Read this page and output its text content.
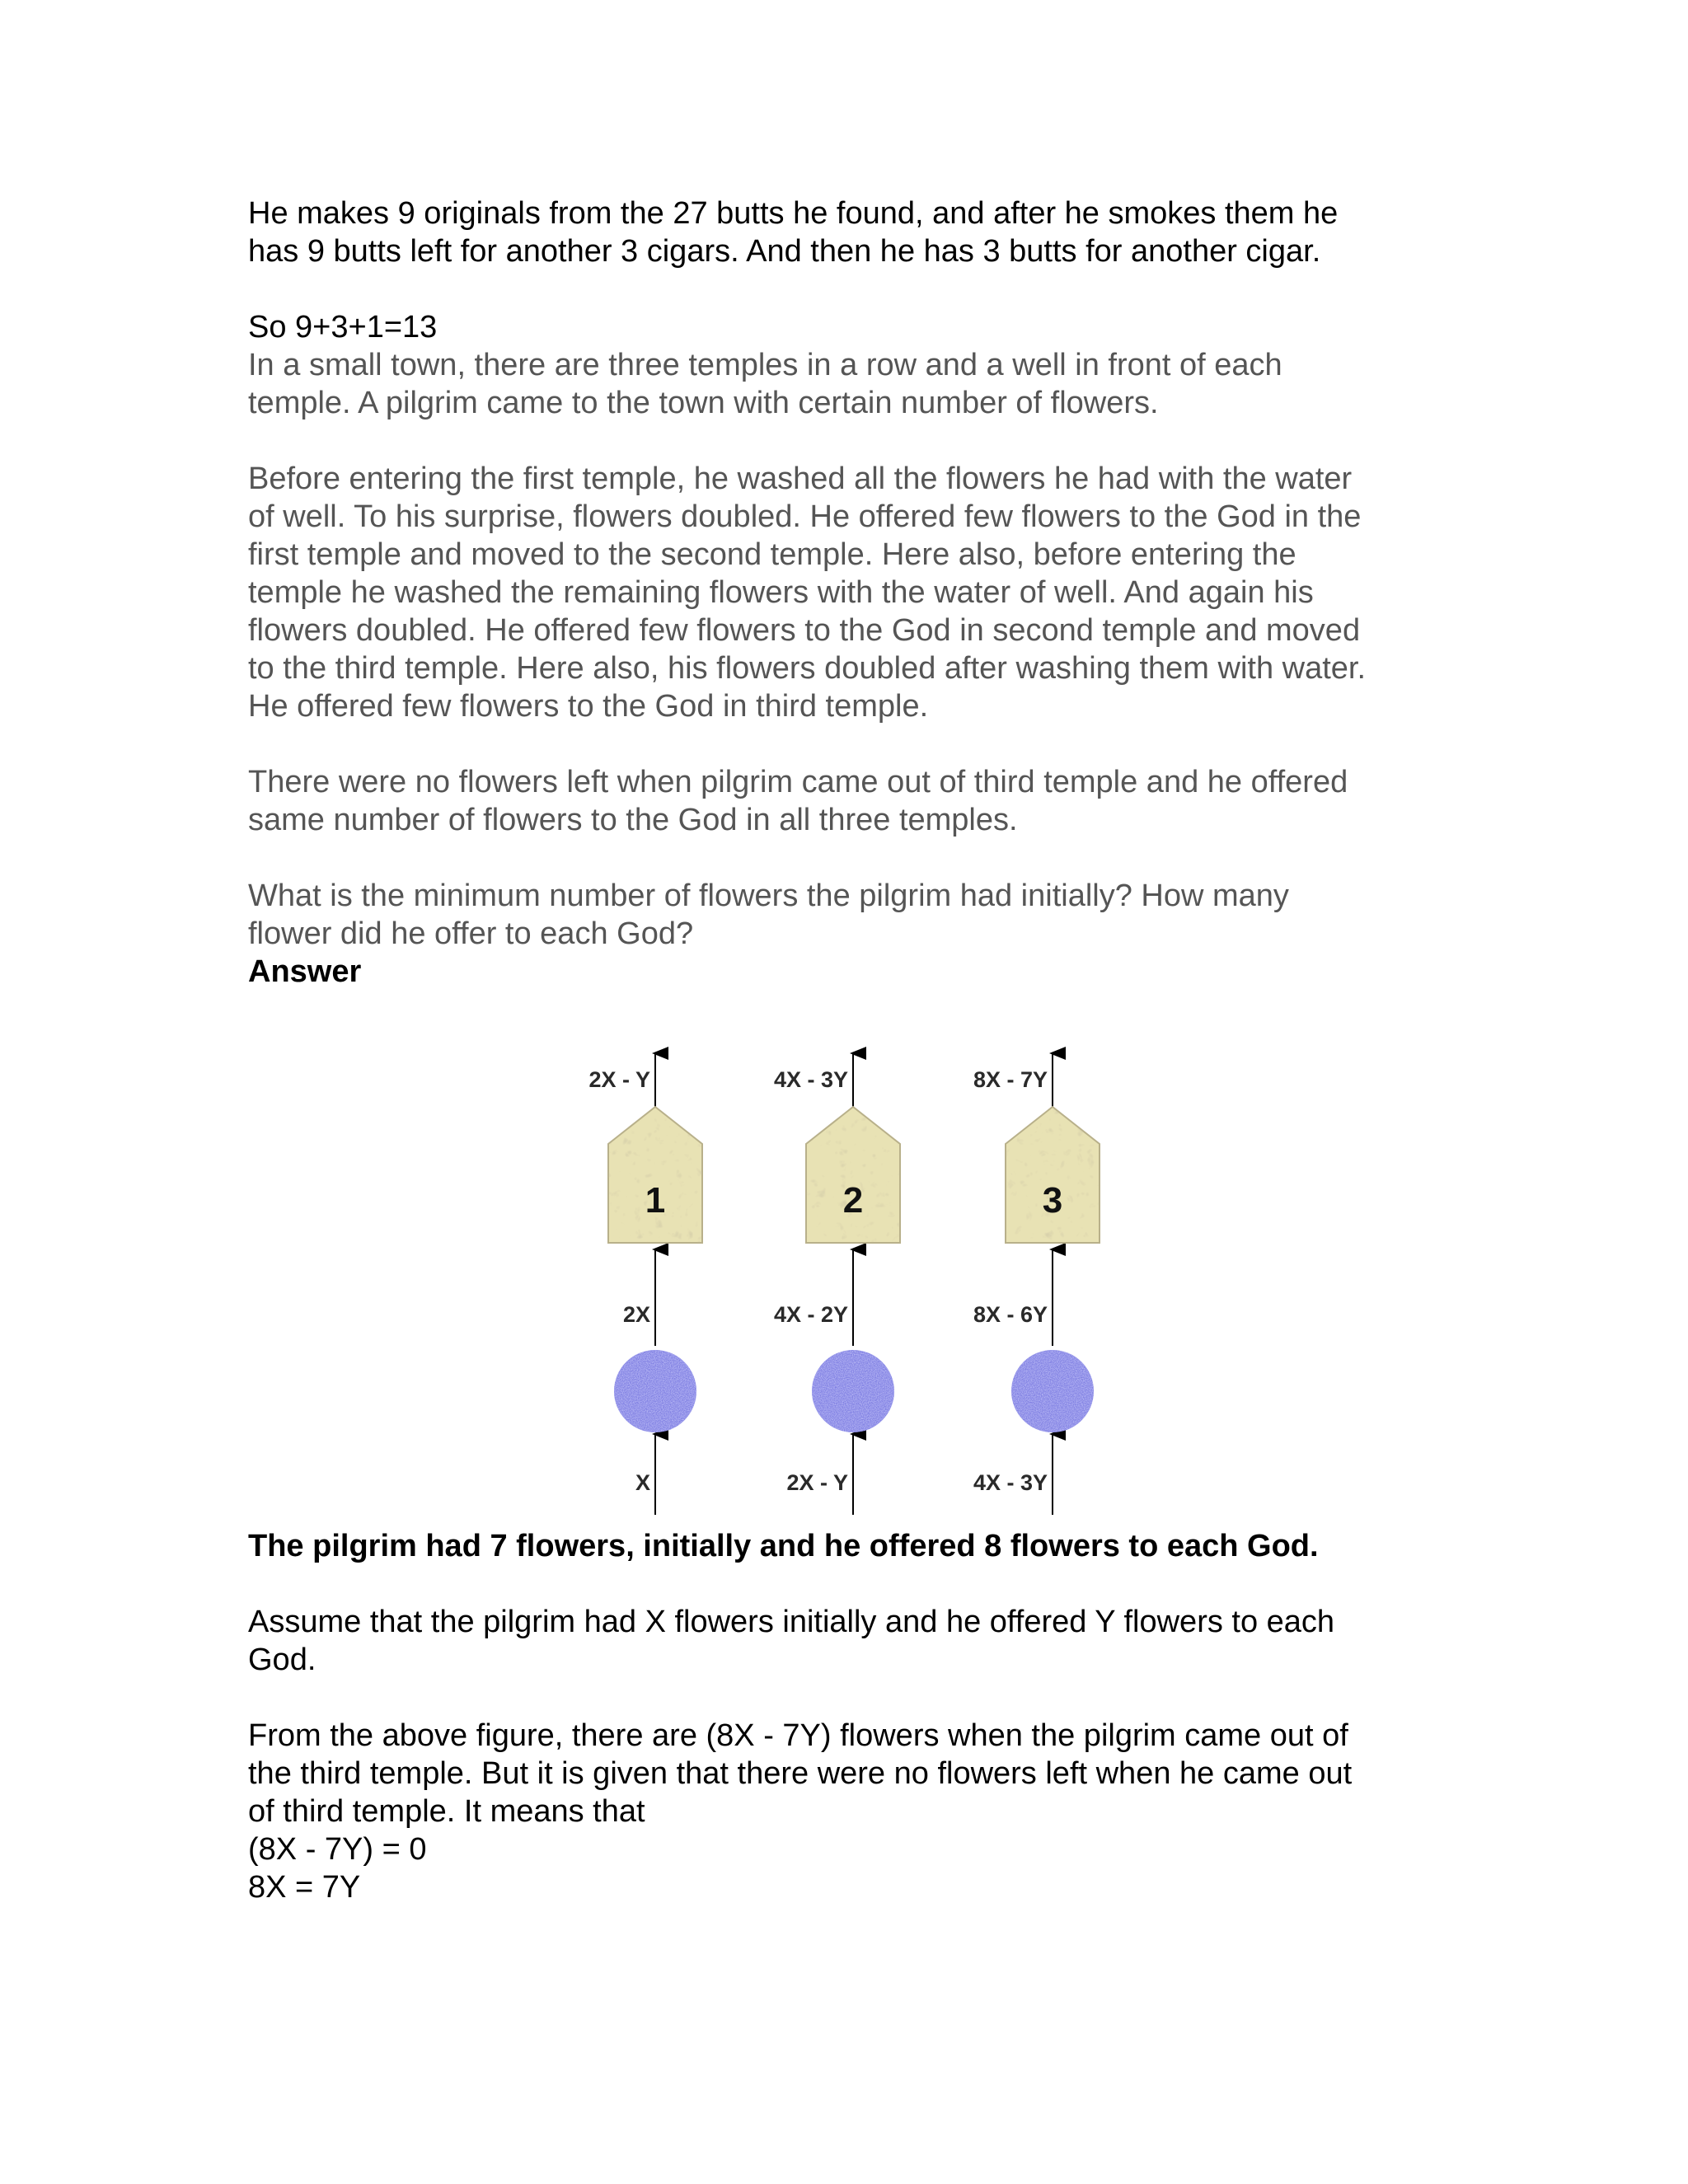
He makes 9 originals from the 27 butts he found, and after he smokes them he
has 9 butts left for another 3 cigars. And then he has 3 butts for another cigar.

So 9+3+1=13

In a small town, there are three temples in a row and a well in front of each
temple. A pilgrim came to the town with certain number of flowers.

Before entering the first temple, he washed all the flowers he had with the water
of well. To his surprise, flowers doubled. He offered few flowers to the God in the
first temple and moved to the second temple. Here also, before entering the
temple he washed the remaining flowers with the water of well. And again his
flowers doubled. He offered few flowers to the God in second temple and moved
to the third temple. Here also, his flowers doubled after washing them with water.
He offered few flowers to the God in third temple.

There were no flowers left when pilgrim came out of third temple and he offered
same number of flowers to the God in all three temples.

What is the minimum number of flowers the pilgrim had initially? How many
flower did he offer to each God?

Answer

The pilgrim had 7 flowers, initially and he offered 8 flowers to each God.

Assume that the pilgrim had X flowers initially and he offered Y flowers to each
God.

From the above figure, there are (8X - 7Y) flowers when the pilgrim came out of
the third temple. But it is given that there were no flowers left when he came out
of third temple. It means that

(8X - 7Y) = 0

8X = 7Y

1
2X - Y
2X
X
2
4X - 3Y
4X - 2Y
2X - Y
3
8X - 7Y
8X - 6Y
4X - 3Y
